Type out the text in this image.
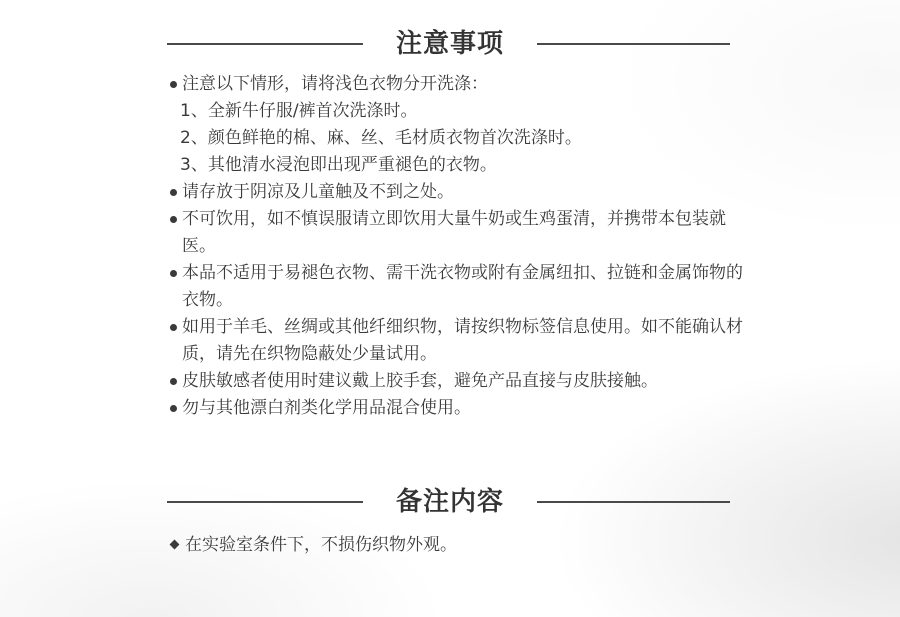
注意事项
注意以下情形，请将浅色衣物分开洗涤：
1、全新牛仔服/裤首次洗涤时。
2、颜色鲜艳的棉、麻、丝、毛材质衣物首次洗涤时。
3、其他清水浸泡即出现严重褪色的衣物。
请存放于阴凉及儿童触及不到之处。
不可饮用，如不慎误服请立即饮用大量牛奶或生鸡蛋清，并携带本包装就医。
本品不适用于易褪色衣物、需干洗衣物或附有金属纽扣、拉链和金属饰物的衣物。
如用于羊毛、丝绸或其他纤细织物，请按织物标签信息使用。如不能确认材质，请先在织物隐蔽处少量试用。
皮肤敏感者使用时建议戴上胶手套，避免产品直接与皮肤接触。
勿与其他漂白剂类化学用品混合使用。
备注内容
在实验室条件下，不损伤织物外观。
